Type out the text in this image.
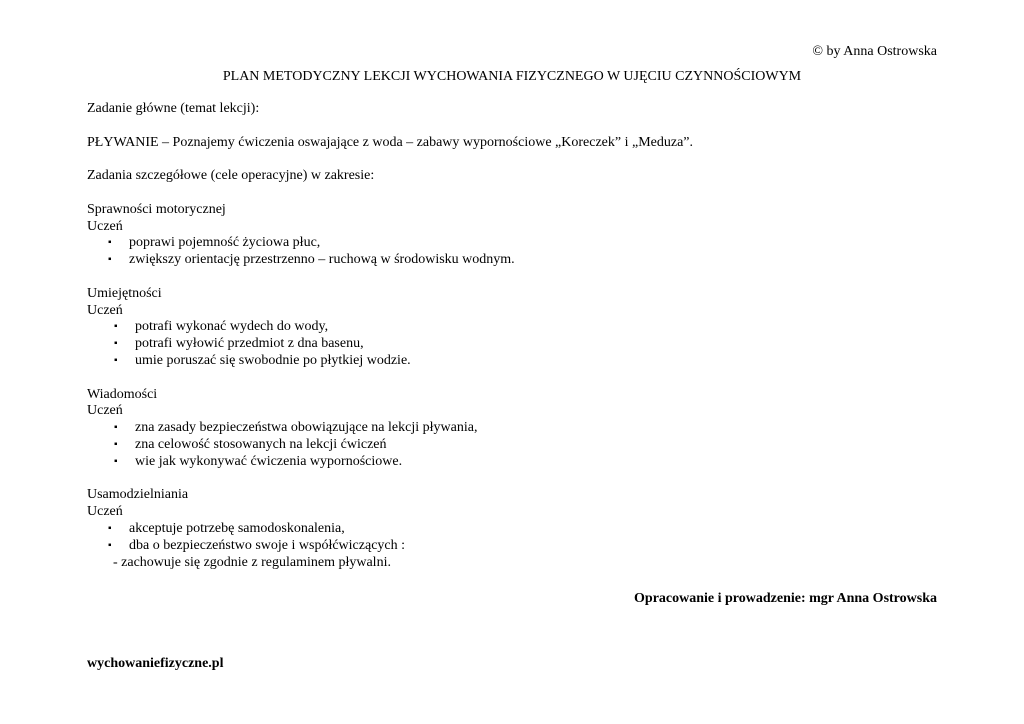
© by Anna Ostrowska
PLAN METODYCZNY LEKCJI WYCHOWANIA FIZYCZNEGO W UJĘCIU CZYNNOŚCIOWYM
Zadanie główne (temat lekcji):
PŁYWANIE – Poznajemy ćwiczenia oswajające z woda – zabawy wypornościowe „Koreczek” i „Meduza”.
Zadania szczegółowe (cele operacyjne) w zakresie:
Sprawności motorycznej
Uczeń
▪ poprawi pojemność życiowa płuc,
▪ zwiększy orientację przestrzenno – ruchową w środowisku wodnym.
Umiejętności
Uczeń
▪ potrafi wykonać wydech do wody,
▪ potrafi wyłowić przedmiot z dna basenu,
▪ umie poruszać się swobodnie po płytkiej wodzie.
Wiadomości
Uczeń
▪ zna zasady bezpieczeństwa obowiązujące na lekcji pływania,
▪ zna celowość stosowanych na lekcji ćwiczeń
▪ wie jak wykonywać ćwiczenia wypornościowe.
Usamodzielniania
Uczeń
▪ akceptuje potrzebę samodoskonalenia,
▪ dba o bezpieczeństwo swoje i współćwiczących :
- zachowuje się zgodnie z regulaminem pływalni.
Opracowanie i prowadzenie: mgr Anna Ostrowska
wychowaniefizyczne.pl
